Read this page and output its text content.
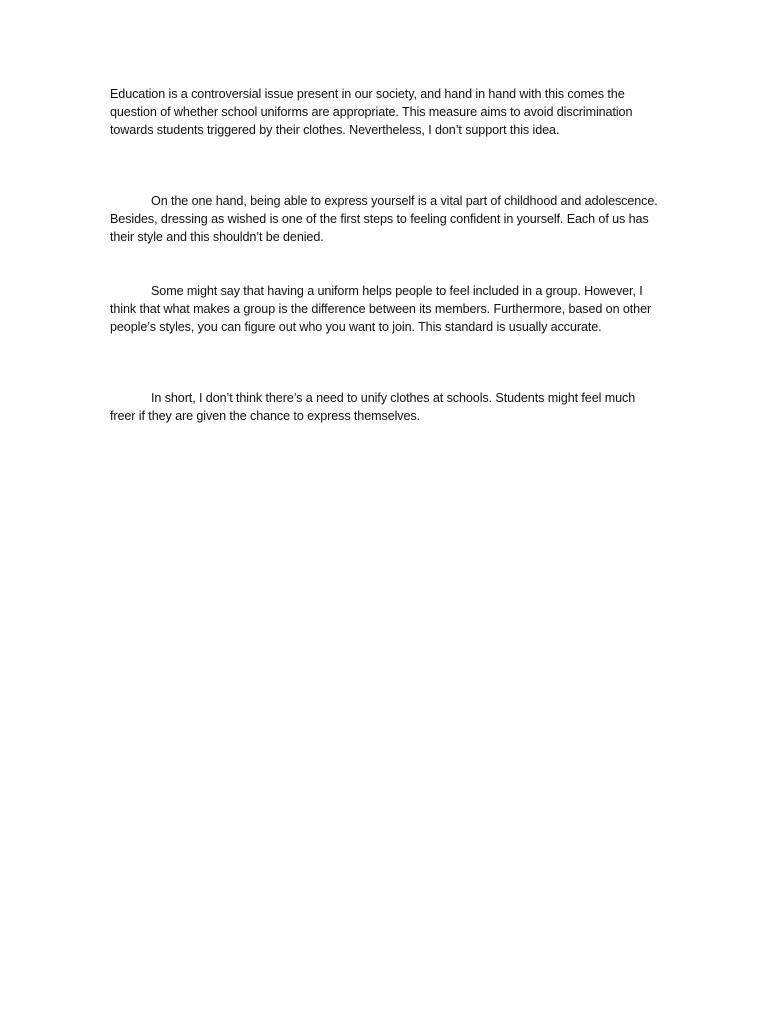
Education is a controversial issue present in our society, and hand in hand with this comes the question of whether school uniforms are appropriate. This measure aims to avoid discrimination towards students triggered by their clothes. Nevertheless, I don’t support this idea.

On the one hand, being able to express yourself is a vital part of childhood and adolescence. Besides, dressing as wished is one of the first steps to feeling confident in yourself. Each of us has their style and this shouldn’t be denied.

Some might say that having a uniform helps people to feel included in a group. However, I think that what makes a group is the difference between its members. Furthermore, based on other people’s styles, you can figure out who you want to join. This standard is usually accurate.

In short, I don’t think there’s a need to unify clothes at schools. Students might feel much freer if they are given the chance to express themselves.
